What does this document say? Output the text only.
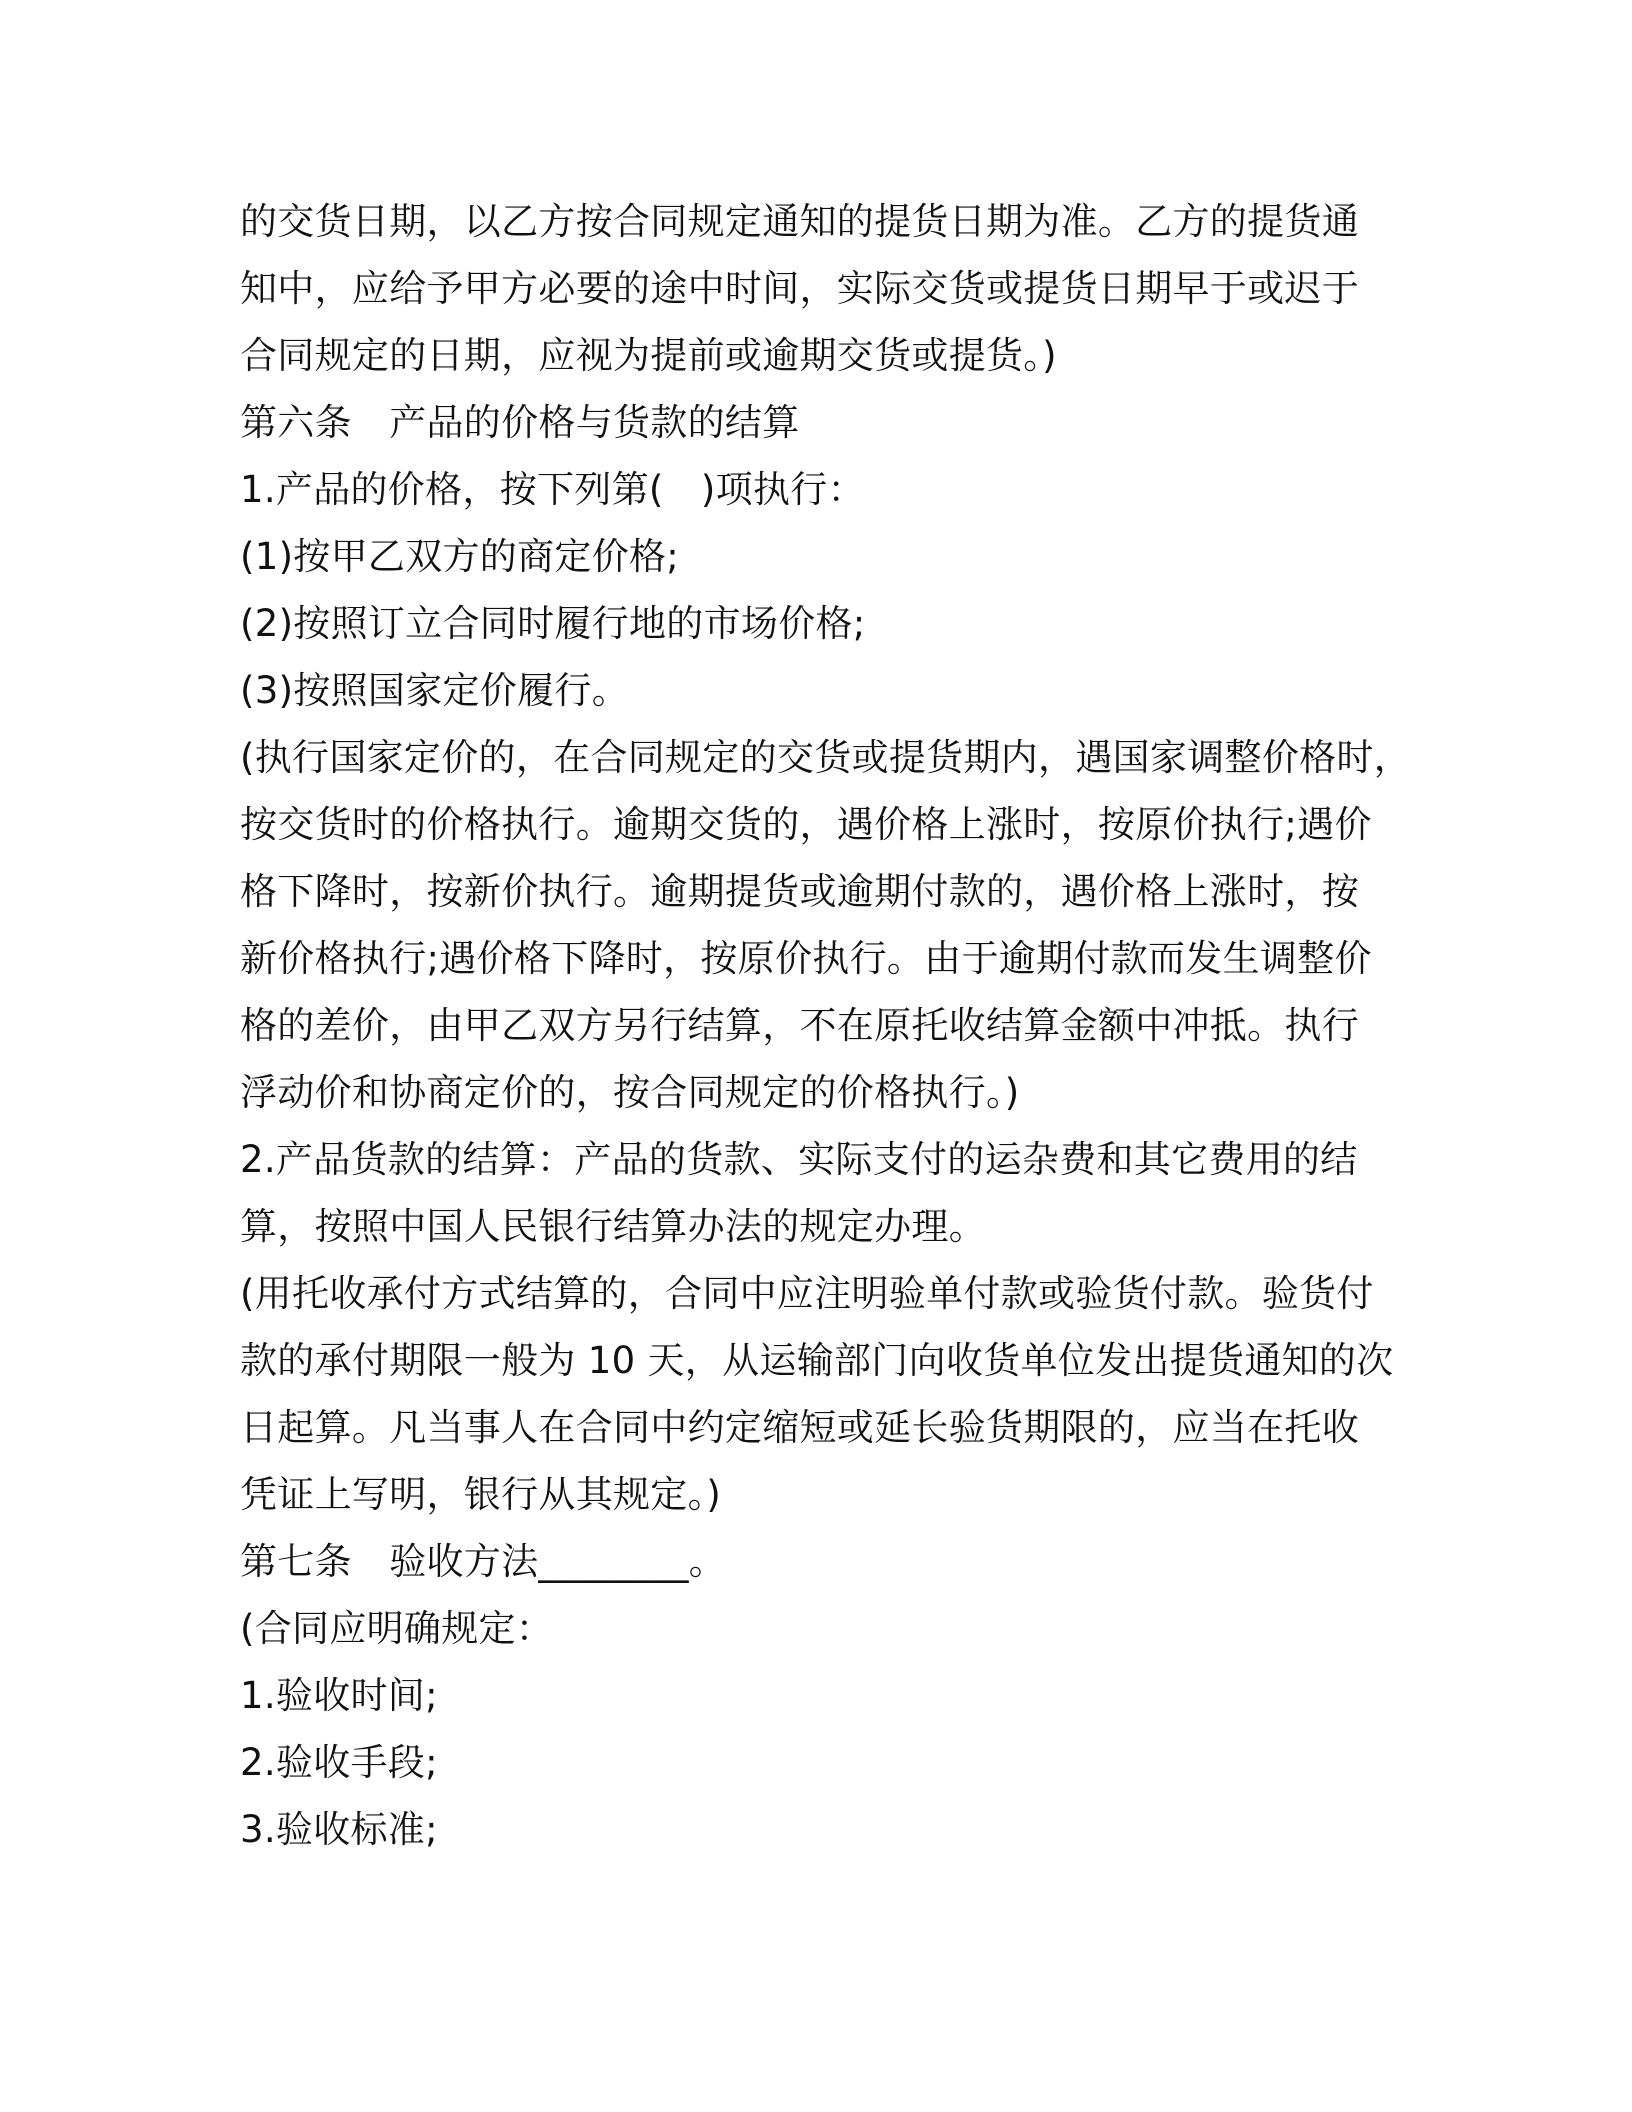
的交货日期，以乙方按合同规定通知的提货日期为准。乙方的提货通
知中，应给予甲方必要的途中时间，实际交货或提货日期早于或迟于
合同规定的日期，应视为提前或逾期交货或提货。)
第六条　产品的价格与货款的结算
1.产品的价格，按下列第(　)项执行：
(1)按甲乙双方的商定价格;
(2)按照订立合同时履行地的市场价格;
(3)按照国家定价履行。
(执行国家定价的，在合同规定的交货或提货期内，遇国家调整价格时，
按交货时的价格执行。逾期交货的，遇价格上涨时，按原价执行;遇价
格下降时，按新价执行。逾期提货或逾期付款的，遇价格上涨时，按
新价格执行;遇价格下降时，按原价执行。由于逾期付款而发生调整价
格的差价，由甲乙双方另行结算，不在原托收结算金额中冲抵。执行
浮动价和协商定价的，按合同规定的价格执行。)
2.产品货款的结算：产品的货款、实际支付的运杂费和其它费用的结
算，按照中国人民银行结算办法的规定办理。
(用托收承付方式结算的，合同中应注明验单付款或验货付款。验货付
款的承付期限一般为 10 天，从运输部门向收货单位发出提货通知的次
日起算。凡当事人在合同中约定缩短或延长验货期限的，应当在托收
凭证上写明，银行从其规定。)
第七条　验收方法________。
(合同应明确规定：
1.验收时间;
2.验收手段;
3.验收标准;
